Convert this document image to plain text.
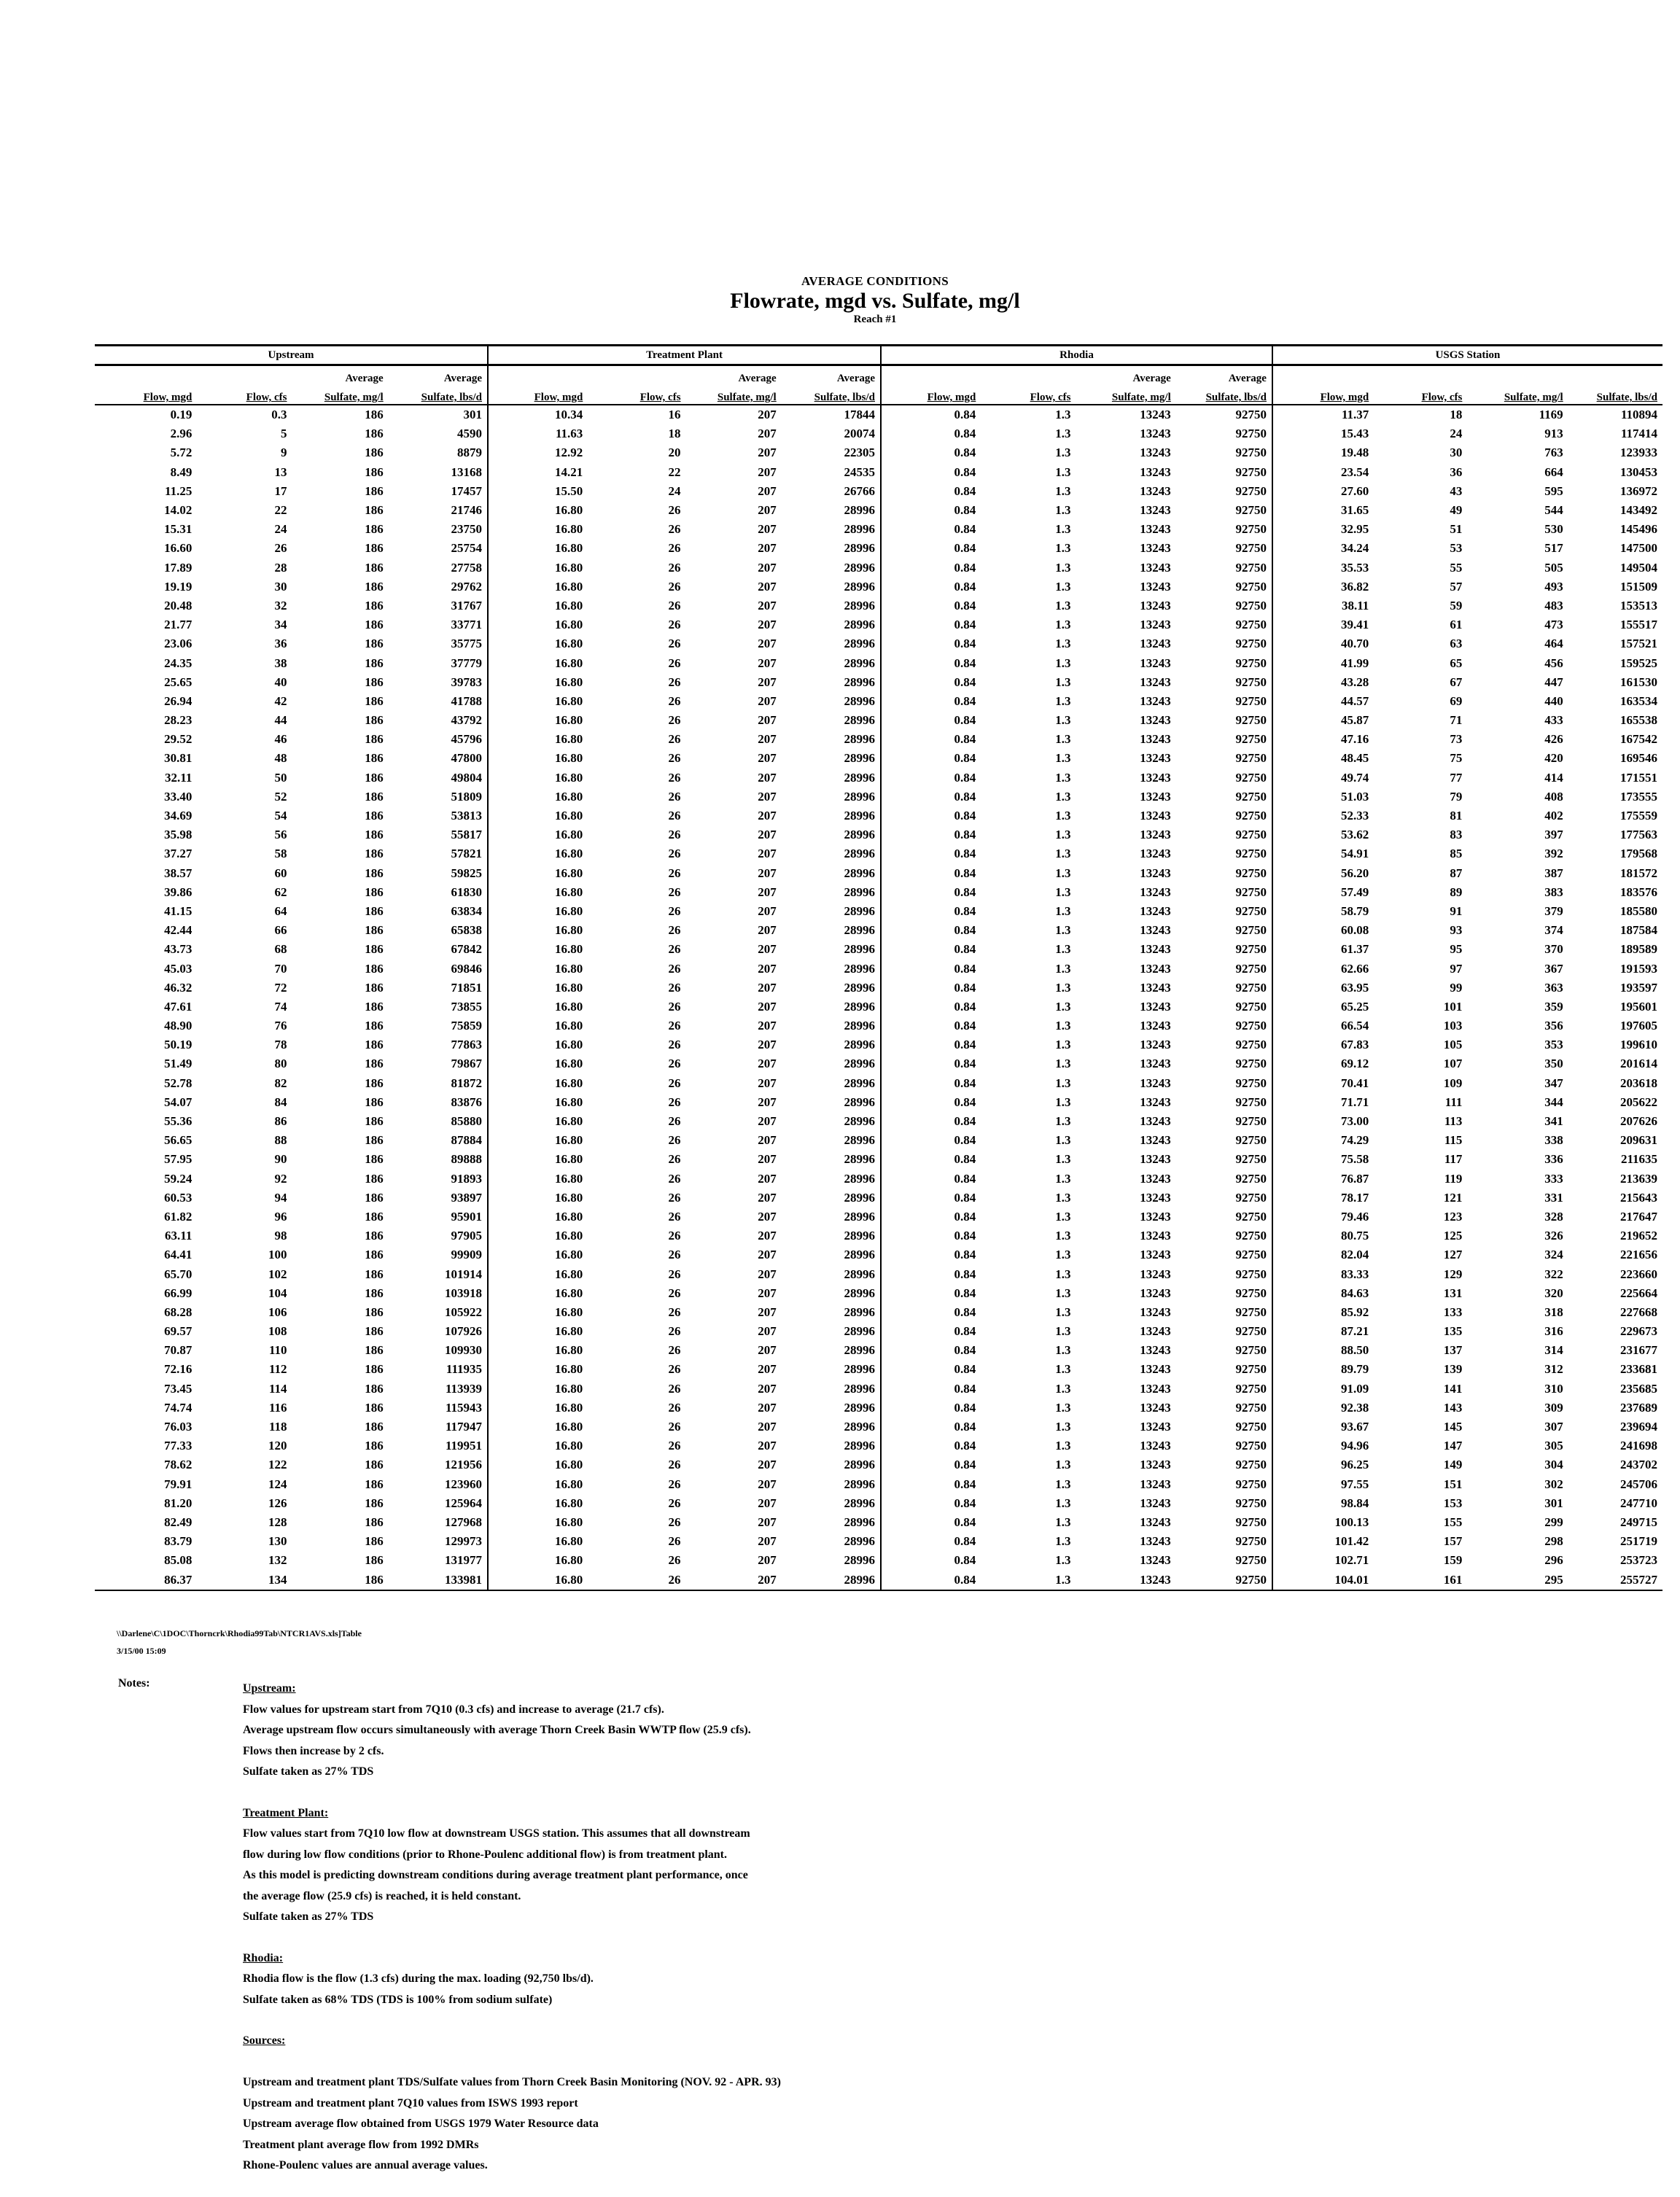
AVERAGE CONDITIONS
Flowrate, mgd vs. Sulfate, mg/l
Reach #1
Upstream				Treatment Plant				Rhodia				USGS Station			
		Average	Average			Average	Average			Average	Average				
Flow, mgd	Flow, cfs	Sulfate, mg/l	Sulfate, lbs/d	Flow, mgd	Flow, cfs	Sulfate, mg/l	Sulfate, lbs/d	Flow, mgd	Flow, cfs	Sulfate, mg/l	Sulfate, lbs/d	Flow, mgd	Flow, cfs	Sulfate, mg/l	Sulfate, lbs/d
0.19	0.3	186	301	10.34	16	207	17844	0.84	1.3	13243	92750	11.37	18	1169	110894
2.96	5	186	4590	11.63	18	207	20074	0.84	1.3	13243	92750	15.43	24	913	117414
5.72	9	186	8879	12.92	20	207	22305	0.84	1.3	13243	92750	19.48	30	763	123933
8.49	13	186	13168	14.21	22	207	24535	0.84	1.3	13243	92750	23.54	36	664	130453
11.25	17	186	17457	15.50	24	207	26766	0.84	1.3	13243	92750	27.60	43	595	136972
14.02	22	186	21746	16.80	26	207	28996	0.84	1.3	13243	92750	31.65	49	544	143492
15.31	24	186	23750	16.80	26	207	28996	0.84	1.3	13243	92750	32.95	51	530	145496
16.60	26	186	25754	16.80	26	207	28996	0.84	1.3	13243	92750	34.24	53	517	147500
17.89	28	186	27758	16.80	26	207	28996	0.84	1.3	13243	92750	35.53	55	505	149504
19.19	30	186	29762	16.80	26	207	28996	0.84	1.3	13243	92750	36.82	57	493	151509
20.48	32	186	31767	16.80	26	207	28996	0.84	1.3	13243	92750	38.11	59	483	153513
21.77	34	186	33771	16.80	26	207	28996	0.84	1.3	13243	92750	39.41	61	473	155517
23.06	36	186	35775	16.80	26	207	28996	0.84	1.3	13243	92750	40.70	63	464	157521
24.35	38	186	37779	16.80	26	207	28996	0.84	1.3	13243	92750	41.99	65	456	159525
25.65	40	186	39783	16.80	26	207	28996	0.84	1.3	13243	92750	43.28	67	447	161530
26.94	42	186	41788	16.80	26	207	28996	0.84	1.3	13243	92750	44.57	69	440	163534
28.23	44	186	43792	16.80	26	207	28996	0.84	1.3	13243	92750	45.87	71	433	165538
29.52	46	186	45796	16.80	26	207	28996	0.84	1.3	13243	92750	47.16	73	426	167542
30.81	48	186	47800	16.80	26	207	28996	0.84	1.3	13243	92750	48.45	75	420	169546
32.11	50	186	49804	16.80	26	207	28996	0.84	1.3	13243	92750	49.74	77	414	171551
33.40	52	186	51809	16.80	26	207	28996	0.84	1.3	13243	92750	51.03	79	408	173555
34.69	54	186	53813	16.80	26	207	28996	0.84	1.3	13243	92750	52.33	81	402	175559
35.98	56	186	55817	16.80	26	207	28996	0.84	1.3	13243	92750	53.62	83	397	177563
37.27	58	186	57821	16.80	26	207	28996	0.84	1.3	13243	92750	54.91	85	392	179568
38.57	60	186	59825	16.80	26	207	28996	0.84	1.3	13243	92750	56.20	87	387	181572
39.86	62	186	61830	16.80	26	207	28996	0.84	1.3	13243	92750	57.49	89	383	183576
41.15	64	186	63834	16.80	26	207	28996	0.84	1.3	13243	92750	58.79	91	379	185580
42.44	66	186	65838	16.80	26	207	28996	0.84	1.3	13243	92750	60.08	93	374	187584
43.73	68	186	67842	16.80	26	207	28996	0.84	1.3	13243	92750	61.37	95	370	189589
45.03	70	186	69846	16.80	26	207	28996	0.84	1.3	13243	92750	62.66	97	367	191593
46.32	72	186	71851	16.80	26	207	28996	0.84	1.3	13243	92750	63.95	99	363	193597
47.61	74	186	73855	16.80	26	207	28996	0.84	1.3	13243	92750	65.25	101	359	195601
48.90	76	186	75859	16.80	26	207	28996	0.84	1.3	13243	92750	66.54	103	356	197605
50.19	78	186	77863	16.80	26	207	28996	0.84	1.3	13243	92750	67.83	105	353	199610
51.49	80	186	79867	16.80	26	207	28996	0.84	1.3	13243	92750	69.12	107	350	201614
52.78	82	186	81872	16.80	26	207	28996	0.84	1.3	13243	92750	70.41	109	347	203618
54.07	84	186	83876	16.80	26	207	28996	0.84	1.3	13243	92750	71.71	111	344	205622
55.36	86	186	85880	16.80	26	207	28996	0.84	1.3	13243	92750	73.00	113	341	207626
56.65	88	186	87884	16.80	26	207	28996	0.84	1.3	13243	92750	74.29	115	338	209631
57.95	90	186	89888	16.80	26	207	28996	0.84	1.3	13243	92750	75.58	117	336	211635
59.24	92	186	91893	16.80	26	207	28996	0.84	1.3	13243	92750	76.87	119	333	213639
60.53	94	186	93897	16.80	26	207	28996	0.84	1.3	13243	92750	78.17	121	331	215643
61.82	96	186	95901	16.80	26	207	28996	0.84	1.3	13243	92750	79.46	123	328	217647
63.11	98	186	97905	16.80	26	207	28996	0.84	1.3	13243	92750	80.75	125	326	219652
64.41	100	186	99909	16.80	26	207	28996	0.84	1.3	13243	92750	82.04	127	324	221656
65.70	102	186	101914	16.80	26	207	28996	0.84	1.3	13243	92750	83.33	129	322	223660
66.99	104	186	103918	16.80	26	207	28996	0.84	1.3	13243	92750	84.63	131	320	225664
68.28	106	186	105922	16.80	26	207	28996	0.84	1.3	13243	92750	85.92	133	318	227668
69.57	108	186	107926	16.80	26	207	28996	0.84	1.3	13243	92750	87.21	135	316	229673
70.87	110	186	109930	16.80	26	207	28996	0.84	1.3	13243	92750	88.50	137	314	231677
72.16	112	186	111935	16.80	26	207	28996	0.84	1.3	13243	92750	89.79	139	312	233681
73.45	114	186	113939	16.80	26	207	28996	0.84	1.3	13243	92750	91.09	141	310	235685
74.74	116	186	115943	16.80	26	207	28996	0.84	1.3	13243	92750	92.38	143	309	237689
76.03	118	186	117947	16.80	26	207	28996	0.84	1.3	13243	92750	93.67	145	307	239694
77.33	120	186	119951	16.80	26	207	28996	0.84	1.3	13243	92750	94.96	147	305	241698
78.62	122	186	121956	16.80	26	207	28996	0.84	1.3	13243	92750	96.25	149	304	243702
79.91	124	186	123960	16.80	26	207	28996	0.84	1.3	13243	92750	97.55	151	302	245706
81.20	126	186	125964	16.80	26	207	28996	0.84	1.3	13243	92750	98.84	153	301	247710
82.49	128	186	127968	16.80	26	207	28996	0.84	1.3	13243	92750	100.13	155	299	249715
83.79	130	186	129973	16.80	26	207	28996	0.84	1.3	13243	92750	101.42	157	298	251719
85.08	132	186	131977	16.80	26	207	28996	0.84	1.3	13243	92750	102.71	159	296	253723
86.37	134	186	133981	16.80	26	207	28996	0.84	1.3	13243	92750	104.01	161	295	255727
\\Darlene\C\1DOC\Thorncrk\Rhodia99Tab\NTCR1AVS.xls]Table
3/15/00 15:09
Notes:	Upstream:
Flow values for upstream start from 7Q10 (0.3 cfs) and increase to average (21.7 cfs).
Average upstream flow occurs simultaneously with average Thorn Creek Basin WWTP flow (25.9 cfs).
Flows then increase by 2 cfs.
Sulfate taken as 27% TDS
Treatment Plant:
Flow values start from 7Q10 low flow at downstream USGS station. This assumes that all downstream
flow during low flow conditions (prior to Rhone-Poulenc additional flow) is from treatment plant.
As this model is predicting downstream conditions during average treatment plant performance, once
the average flow (25.9 cfs) is reached, it is held constant.
Sulfate taken as 27% TDS
Rhodia:
Rhodia flow is the flow (1.3 cfs) during the max. loading (92,750 lbs/d).
Sulfate taken as 68% TDS (TDS is 100% from sodium sulfate)
Sources:

Upstream and treatment plant TDS/Sulfate values from Thorn Creek Basin Monitoring (NOV. 92 - APR. 93)
Upstream and treatment plant 7Q10 values from ISWS 1993 report
Upstream average flow obtained from USGS 1979 Water Resource data
Treatment plant average flow from 1992 DMRs
Rhone-Poulenc values are annual average values.
